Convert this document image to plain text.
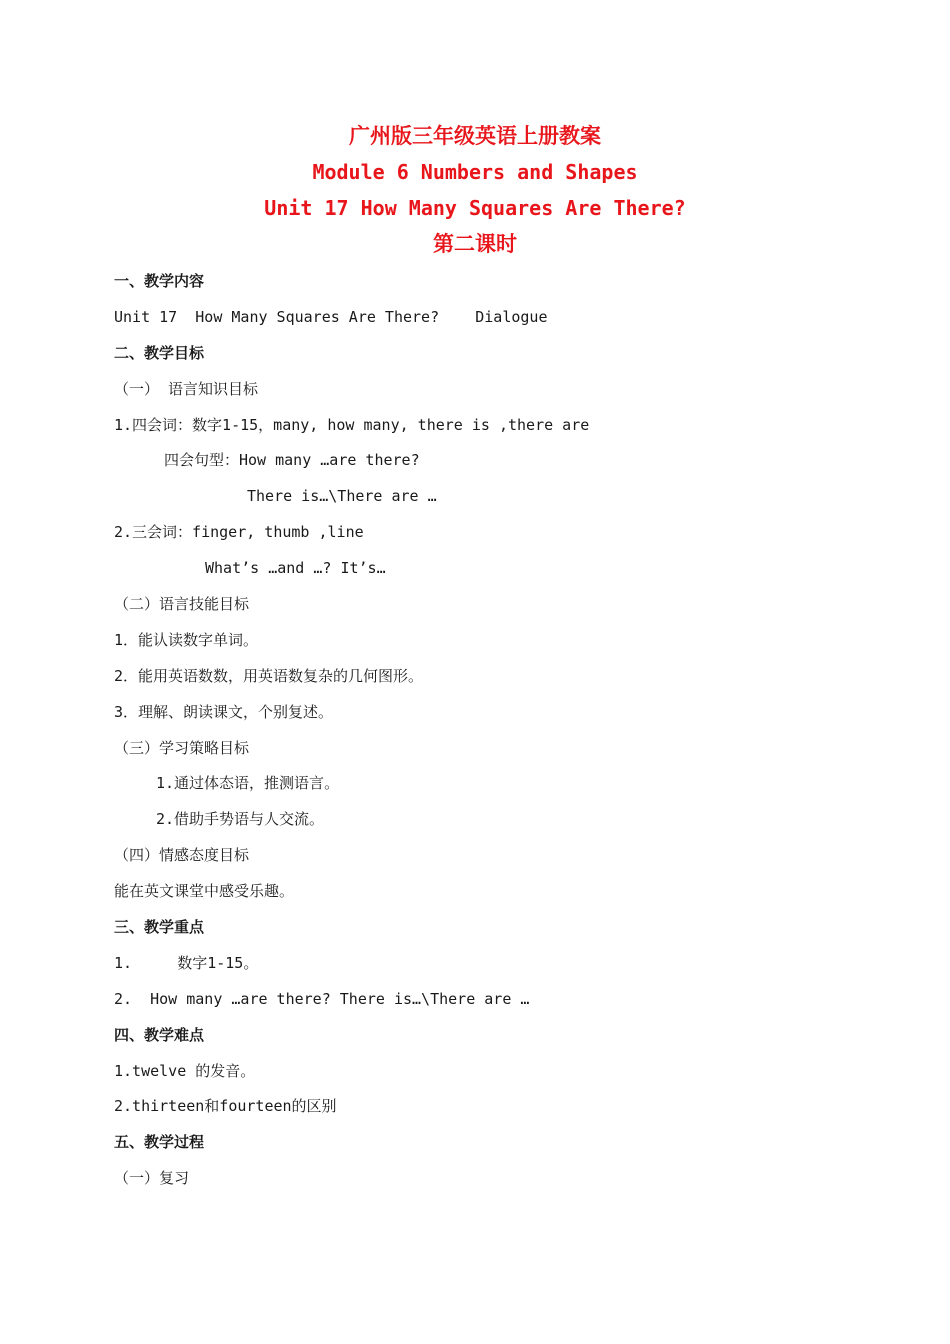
广州版三年级英语上册教案
Module 6 Numbers and Shapes
Unit 17 How Many Squares Are There?
第二课时
一、教学内容
Unit 17  How Many Squares Are There?    Dialogue
二、教学目标
（一） 语言知识目标
1.四会词：数字1-15，many, how many, there is ,there are
四会句型：How many …are there?
There is…\There are …
2.三会词：finger, thumb ,line
What’s …and …? It’s…
（二）语言技能目标
1．能认读数字单词。
2．能用英语数数，用英语数复杂的几何图形。
3．理解、朗读课文，个别复述。
（三）学习策略目标
1.通过体态语，推测语言。
2.借助手势语与人交流。
（四）情感态度目标
能在英文课堂中感受乐趣。
三、教学重点
1.     数字1-15。
2.  How many …are there? There is…\There are …
四、教学难点
1.twelve 的发音。
2.thirteen和fourteen的区别
五、教学过程
（一）复习
